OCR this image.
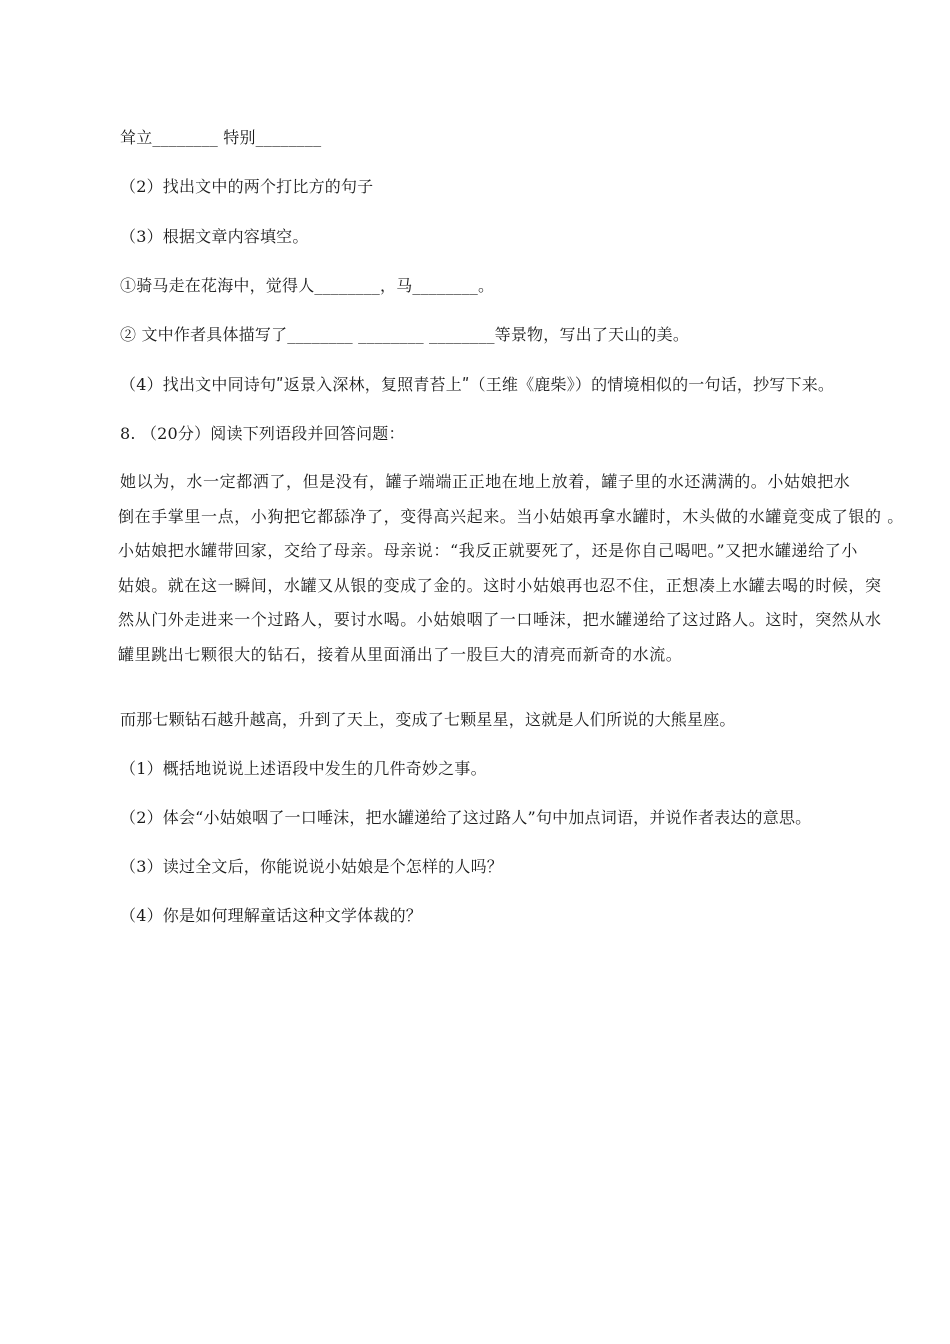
耸立________ 特别________
（2）找出文中的两个打比方的句子
（3）根据文章内容填空。
①骑马走在花海中，觉得人________，马________。
② 文中作者具体描写了________ ________ ________等景物，写出了天山的美。
（4）找出文中同诗句ʺ返景入深林，复照青苔上ʺ（王维《鹿柴》）的情境相似的一句话，抄写下来。
8. （20分）阅读下列语段并回答问题：
她以为，水一定都洒了，但是没有，罐子端端正正地在地上放着，罐子里的水还满满的。小姑娘把水
倒在手掌里一点，小狗把它都舔净了，变得高兴起来。当小姑娘再拿水罐时，木头做的水罐竟变成了银的 。
小姑娘把水罐带回家，交给了母亲。母亲说：“我反正就要死了，还是你自己喝吧。”又把水罐递给了小
姑娘。就在这一瞬间，水罐又从银的变成了金的。这时小姑娘再也忍不住，正想凑上水罐去喝的时候，突
然从门外走进来一个过路人，要讨水喝。小姑娘咽了一口唾沫，把水罐递给了这过路人。这时，突然从水
罐里跳出七颗很大的钻石，接着从里面涌出了一股巨大的清亮而新奇的水流。
而那七颗钻石越升越高，升到了天上，变成了七颗星星，这就是人们所说的大熊星座。
（1）概括地说说上述语段中发生的几件奇妙之事。
（2）体会“小姑娘咽了一口唾沫，把水罐递给了这过路人”句中加点词语，并说作者表达的意思。
（3）读过全文后，你能说说小姑娘是个怎样的人吗？
（4）你是如何理解童话这种文学体裁的？
